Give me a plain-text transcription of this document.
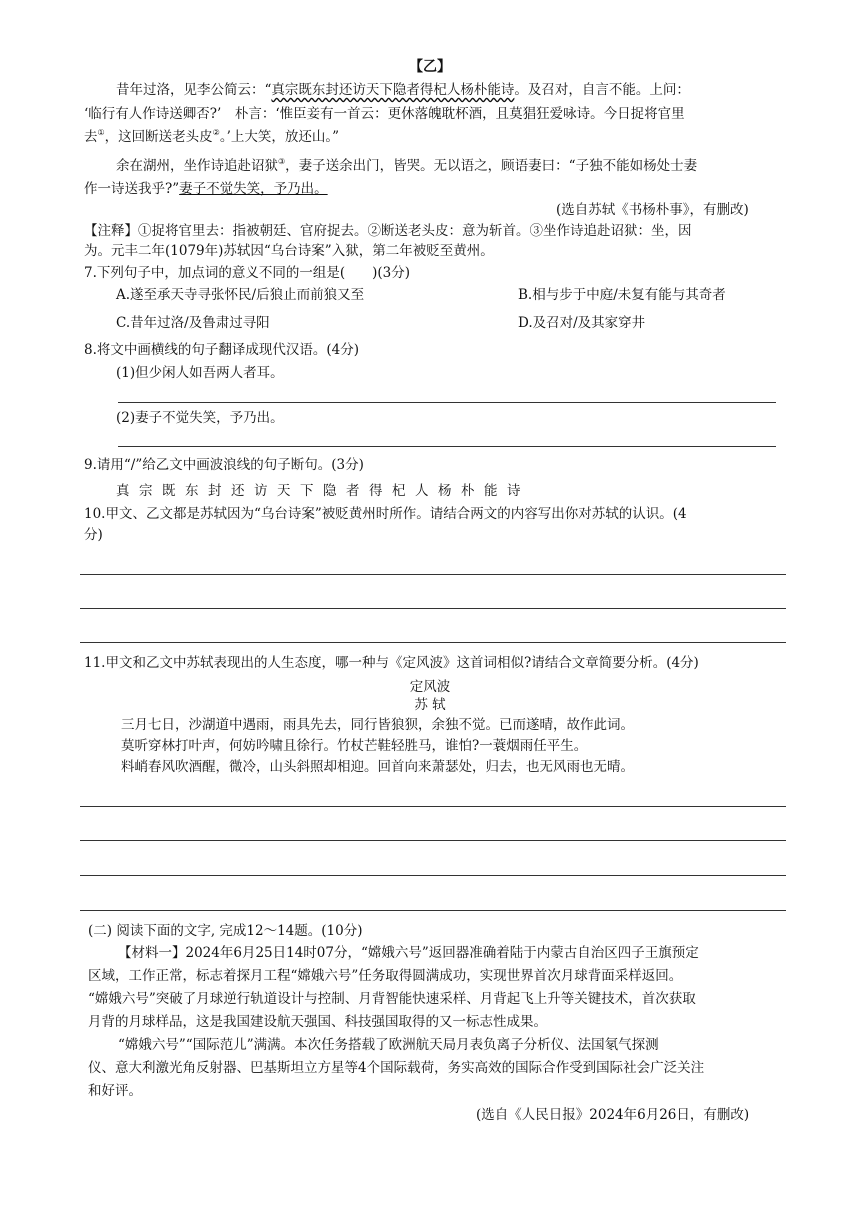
【乙】
昔年过洛，见李公简云：“真宗既东封还访天下隐者得杞人杨朴能诗。及召对，自言不能。上问：
‘临行有人作诗送卿否?’　朴言：‘惟臣妾有一首云：更休落魄耽杯酒，且莫猖狂爱咏诗。今日捉将官里
去①，这回断送老头皮②。’上大笑，放还山。”
余在湖州，坐作诗追赴诏狱③，妻子送余出门，皆哭。无以语之，顾语妻曰：“子独不能如杨处士妻
作一诗送我乎?”妻子不觉失笑，予乃出。
(选自苏轼《书杨朴事》，有删改)
【注释】①捉将官里去：指被朝廷、官府捉去。②断送老头皮：意为斩首。③坐作诗追赴诏狱：坐，因
为。元丰二年(1079年)苏轼因“乌台诗案”入狱，第二年被贬至黄州。
7.下列句子中，加点词的意义不同的一组是(　　)(3分)
A.遂至承天寺寻张怀民/后狼止而前狼又至	B.相与步于中庭/未复有能与其奇者
C.昔年过洛/及鲁肃过寻阳	D.及召对/及其家穿井
8.将文中画横线的句子翻译成现代汉语。(4分)
(1)但少闲人如吾两人者耳。
(2)妻子不觉失笑，予乃出。
9.请用“/”给乙文中画波浪线的句子断句。(3分)
真宗既东封还访天下隐者得杞人杨朴能诗
10.甲文、乙文都是苏轼因为“乌台诗案”被贬黄州时所作。请结合两文的内容写出你对苏轼的认识。(4
分)
11.甲文和乙文中苏轼表现出的人生态度，哪一种与《定风波》这首词相似?请结合文章简要分析。(4分)
定风波
苏 轼
三月七日，沙湖道中遇雨，雨具先去，同行皆狼狈，余独不觉。已而遂晴，故作此词。
莫听穿林打叶声，何妨吟啸且徐行。竹杖芒鞋轻胜马，谁怕?一蓑烟雨任平生。
料峭春风吹酒醒，微冷，山头斜照却相迎。回首向来萧瑟处，归去，也无风雨也无晴。
(二) 阅读下面的文字, 完成12～14题。(10分)
【材料一】2024年6月25日14时07分，“嫦娥六号”返回器准确着陆于内蒙古自治区四子王旗预定
区域，工作正常，标志着探月工程“嫦娥六号”任务取得圆满成功，实现世界首次月球背面采样返回。
“嫦娥六号”突破了月球逆行轨道设计与控制、月背智能快速采样、月背起飞上升等关键技术，首次获取
月背的月球样品，这是我国建设航天强国、科技强国取得的又一标志性成果。
“嫦娥六号”“国际范儿”满满。本次任务搭载了欧洲航天局月表负离子分析仪、法国氡气探测
仪、意大利激光角反射器、巴基斯坦立方星等4个国际载荷，务实高效的国际合作受到国际社会广泛关注
和好评。
(选自《人民日报》2024年6月26日，有删改)
